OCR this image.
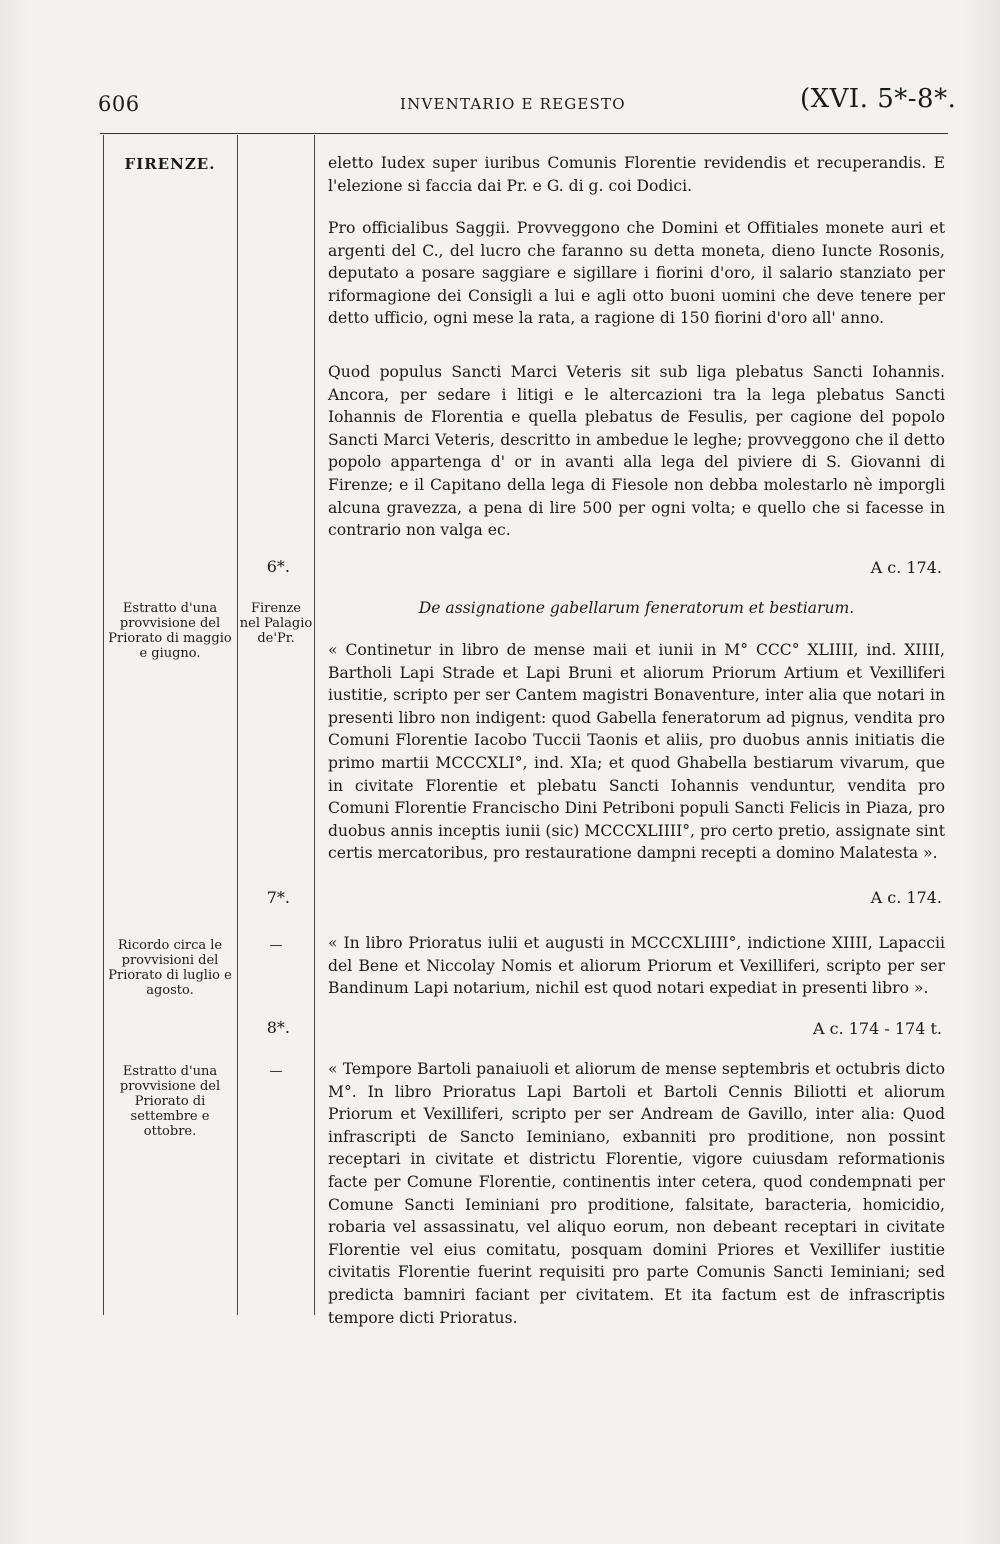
606	INVENTARIO E REGESTO	(XVI. 5*-8*.
FIRENZE.
Estratto d'una provvisione del Priorato di maggio e giugno.
Ricordo circa le provvisioni del Priorato di luglio e agosto.
Estratto d'una provvisione del Priorato di settembre e ottobre.
6*.
Firenze nel Palagio de'Pr.
7*.
—
8*.
—
eletto Iudex super iuribus Comunis Florentie revidendis et recuperandis. E l'elezione si faccia dai Pr. e G. di g. coi Dodici.
Pro officialibus Saggii. Provveggono che Domini et Offitiales monete auri et argenti del C., del lucro che faranno su detta moneta, dieno Iuncte Rosonis, deputato a posare saggiare e sigillare i fiorini d'oro, il salario stanziato per riformagione dei Consigli a lui e agli otto buoni uomini che deve tenere per detto ufficio, ogni mese la rata, a ragione di 150 fiorini d'oro all' anno.
Quod populus Sancti Marci Veteris sit sub liga plebatus Sancti Iohannis. Ancora, per sedare i litigi e le altercazioni tra la lega plebatus Sancti Iohannis de Florentia e quella plebatus de Fesulis, per cagione del popolo Sancti Marci Veteris, descritto in ambedue le leghe; provveggono che il detto popolo appartenga d' or in avanti alla lega del piviere di S. Giovanni di Firenze; e il Capitano della lega di Fiesole non debba molestarlo nè imporgli alcuna gravezza, a pena di lire 500 per ogni volta; e quello che si facesse in contrario non valga ec.
A c. 174.
De assignatione gabellarum feneratorum et bestiarum.
« Continetur in libro de mense maii et iunii in M° CCC° XLIIII, ind. XIIII, Bartholi Lapi Strade et Lapi Bruni et aliorum Priorum Artium et Vexilliferi iustitie, scripto per ser Cantem magistri Bonaventure, inter alia que notari in presenti libro non indigent: quod Gabella feneratorum ad pignus, vendita pro Comuni Florentie Iacobo Tuccii Taonis et aliis, pro duobus annis initiatis die primo martii MCCCXLI°, ind. XIa; et quod Ghabella bestiarum vivarum, que in civitate Florentie et plebatu Sancti Iohannis venduntur, vendita pro Comuni Florentie Francischo Dini Petriboni populi Sancti Felicis in Piaza, pro duobus annis inceptis iunii (sic) MCCCXLIIII°, pro certo pretio, assignate sint certis mercatoribus, pro restauratione dampni recepti a domino Malatesta ».
A c. 174.
« In libro Prioratus iulii et augusti in MCCCXLIIII°, indictione XIIII, Lapaccii del Bene et Niccolay Nomis et aliorum Priorum et Vexilliferi, scripto per ser Bandinum Lapi notarium, nichil est quod notari expediat in presenti libro ».
A c. 174 - 174 t.
« Tempore Bartoli panaiuoli et aliorum de mense septembris et octubris dicto M°. In libro Prioratus Lapi Bartoli et Bartoli Cennis Biliotti et aliorum Priorum et Vexilliferi, scripto per ser Andream de Gavillo, inter alia: Quod infrascripti de Sancto Ieminiano, exbanniti pro proditione, non possint receptari in civitate et districtu Florentie, vigore cuiusdam reformationis facte per Comune Florentie, continentis inter cetera, quod condempnati per Comune Sancti Ieminiani pro proditione, falsitate, baracteria, homicidio, robaria vel assassinatu, vel aliquo eorum, non debeant receptari in civitate Florentie vel eius comitatu, posquam domini Priores et Vexillifer iustitie civitatis Florentie fuerint requisiti pro parte Comunis Sancti Ieminiani; sed predicta bamniri faciant per civitatem. Et ita factum est de infrascriptis tempore dicti Prioratus.
